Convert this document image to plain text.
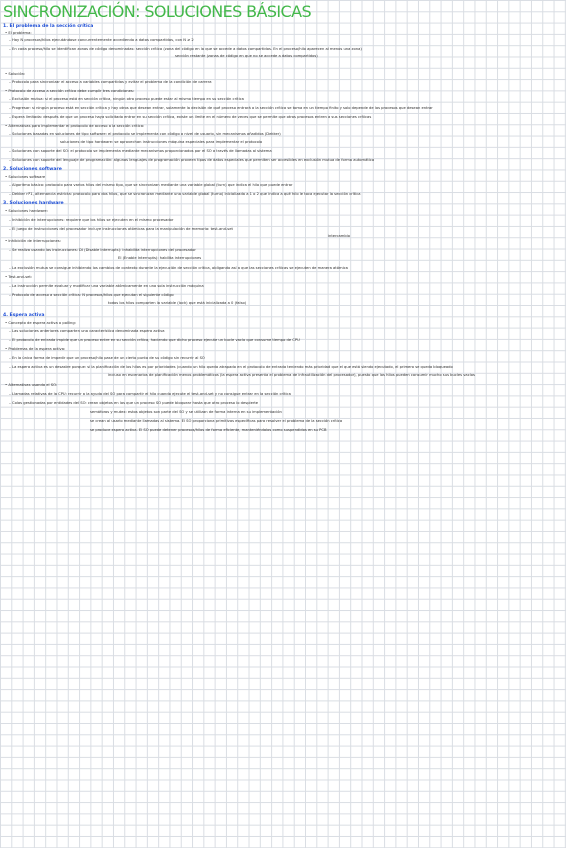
SINCRONIZACIÓN: SOLUCIONES BÁSICAS
1. El problema de la sección crítica
• El problema:
– Hay N procesos/hilos ejecutándose concurrentemente accediendo a datos compartidos, con N ≥ 2
– En cada proceso/hilo se identifican zonas de código denominadas: sección crítica (zona del código en la que se accede a datos compartidos. En el proceso/hilo aparecen al menos una zona)
sección restante (zonas de código en que no se accede a datos compartidos)
• Solución:
– Protocolo para sincronizar el acceso a variables compartidas y evitar el problema de la condición de carrera
• Protocolo de acceso a sección crítica debe cumplir tres condiciones:
– Exclusión mutua: si el proceso está en sección crítica, ningún otro proceso puede estar al mismo tiempo en su sección crítica
– Progresar: si ningún proceso está en sección crítica y hay otros que desean entrar, solamente la decisión de qué proceso entrará a la sección crítica se toma en un tiempo finito y solo depende de los procesos que desean entrar
– Espera limitada: después de que un proceso haya solicitado entrar en su sección crítica, existe un límite en el número de veces que se permite que otros procesos entren a sus secciones críticas
• Alternativas para implementar el protocolo de acceso a la sección crítica:
– Soluciones basadas en soluciones de tipo software: el protocolo se implementa con código a nivel de usuario, sin mecanismos añadidos (Dekker)
soluciones de tipo hardware: se aprovechan instrucciones máquina especiales para implementar el protocolo
– Soluciones con soporte del SO: el protocolo se implementa mediante mecanismos proporcionados por el SO a través de llamadas al sistema
– Soluciones con soporte del lenguaje de programación: algunos lenguajes de programación proveen tipos de datos especiales que permiten ser accesibles en exclusión mutua de forma automática
2. Soluciones software
• Soluciones software
– Algoritmo básico: protocolo para varios hilos del mismo tipo, que se sincronizan mediante una variable global (turn) que indica el hilo que puede entrar
– Dekker nº1, alternancia estricta: protocolo para dos hilos, que se sincronizan mediante una variable global (turno) inicializada a 1 o 2 que indica a qué hilo le toca ejecutar la sección crítica
3. Soluciones hardware
• Soluciones hardware:
– Inhibición de interrupciones: requiere que los hilos se ejecuten en el mismo procesador
– El juego de instrucciones del procesador incluye instrucciones atómicas para la manipulación de memoria: test-and-set
intercambio
• Inhibición de interrupciones:
– Se realiza usando las instrucciones: DI (Disable Interrupts): inhabilita interrupciones del procesador
EI (Enable Interrupts): habilita interrupciones
– La exclusión mutua se consigue inhibiendo los cambios de contexto durante la ejecución de sección crítica, obligando así a que las secciones críticas se ejecuten de manera atómica
• Test-and-set:
– La instrucción permite evaluar y modificar una variable atómicamente en una sola instrucción máquina
– Protocolo de acceso a sección crítica: N procesos/hilos que ejecutan el siguiente código
todos los hilos comparten la variable (lock) que está inicializada a 0 (falso)
4. Espera activa
• Concepto de espera activa o polling:
– Las soluciones anteriores comparten una característica denominada espera activa
– El protocolo de entrada impide que un proceso entre en su sección crítica, haciendo que dicho proceso ejecute un bucle vacío que consume tiempo de CPU
• Problemas de la espera activa:
– En la única forma de impedir que un proceso/hilo pase de un cierto punto de su código sin recurrir al SO
– La espera activa es un desastre porque: si la planificación de los hilos es por prioridades (cuando un hilo queda atrapado en el protocolo de entrada teniendo más prioridad que el que está siendo ejecutado, el primero se queda bloqueado
incluso en escenarios de planificación menos problemáticos (la espera activa presenta el problema de infrautilización del procesador), puesto que los hilos pueden consumir mucho sus bucles vacíos
• Alternativas usando el SO:
– Llamadas relativas de la CPU: recurrir a la ayuda del SO para compartir el hilo cuando ejecute el test-and-set y no consigue entrar en la sección crítica
– Colas gestionadas por entidades del SO: crean objetos en los que un proceso SO puede bloquear hasta que otro proceso lo despierte
semáforos y mutex: estos objetos son parte del SO y se utilizan de forma interna en su implementación
se crean al usarlo mediante llamadas al sistema. El SO proporciona primitivas específicas para resolver el problema de la sección crítica
se produce espera activa. El SO puede detener procesos/hilos de forma eficiente, manteniéndolos como suspendidos en su PCB
